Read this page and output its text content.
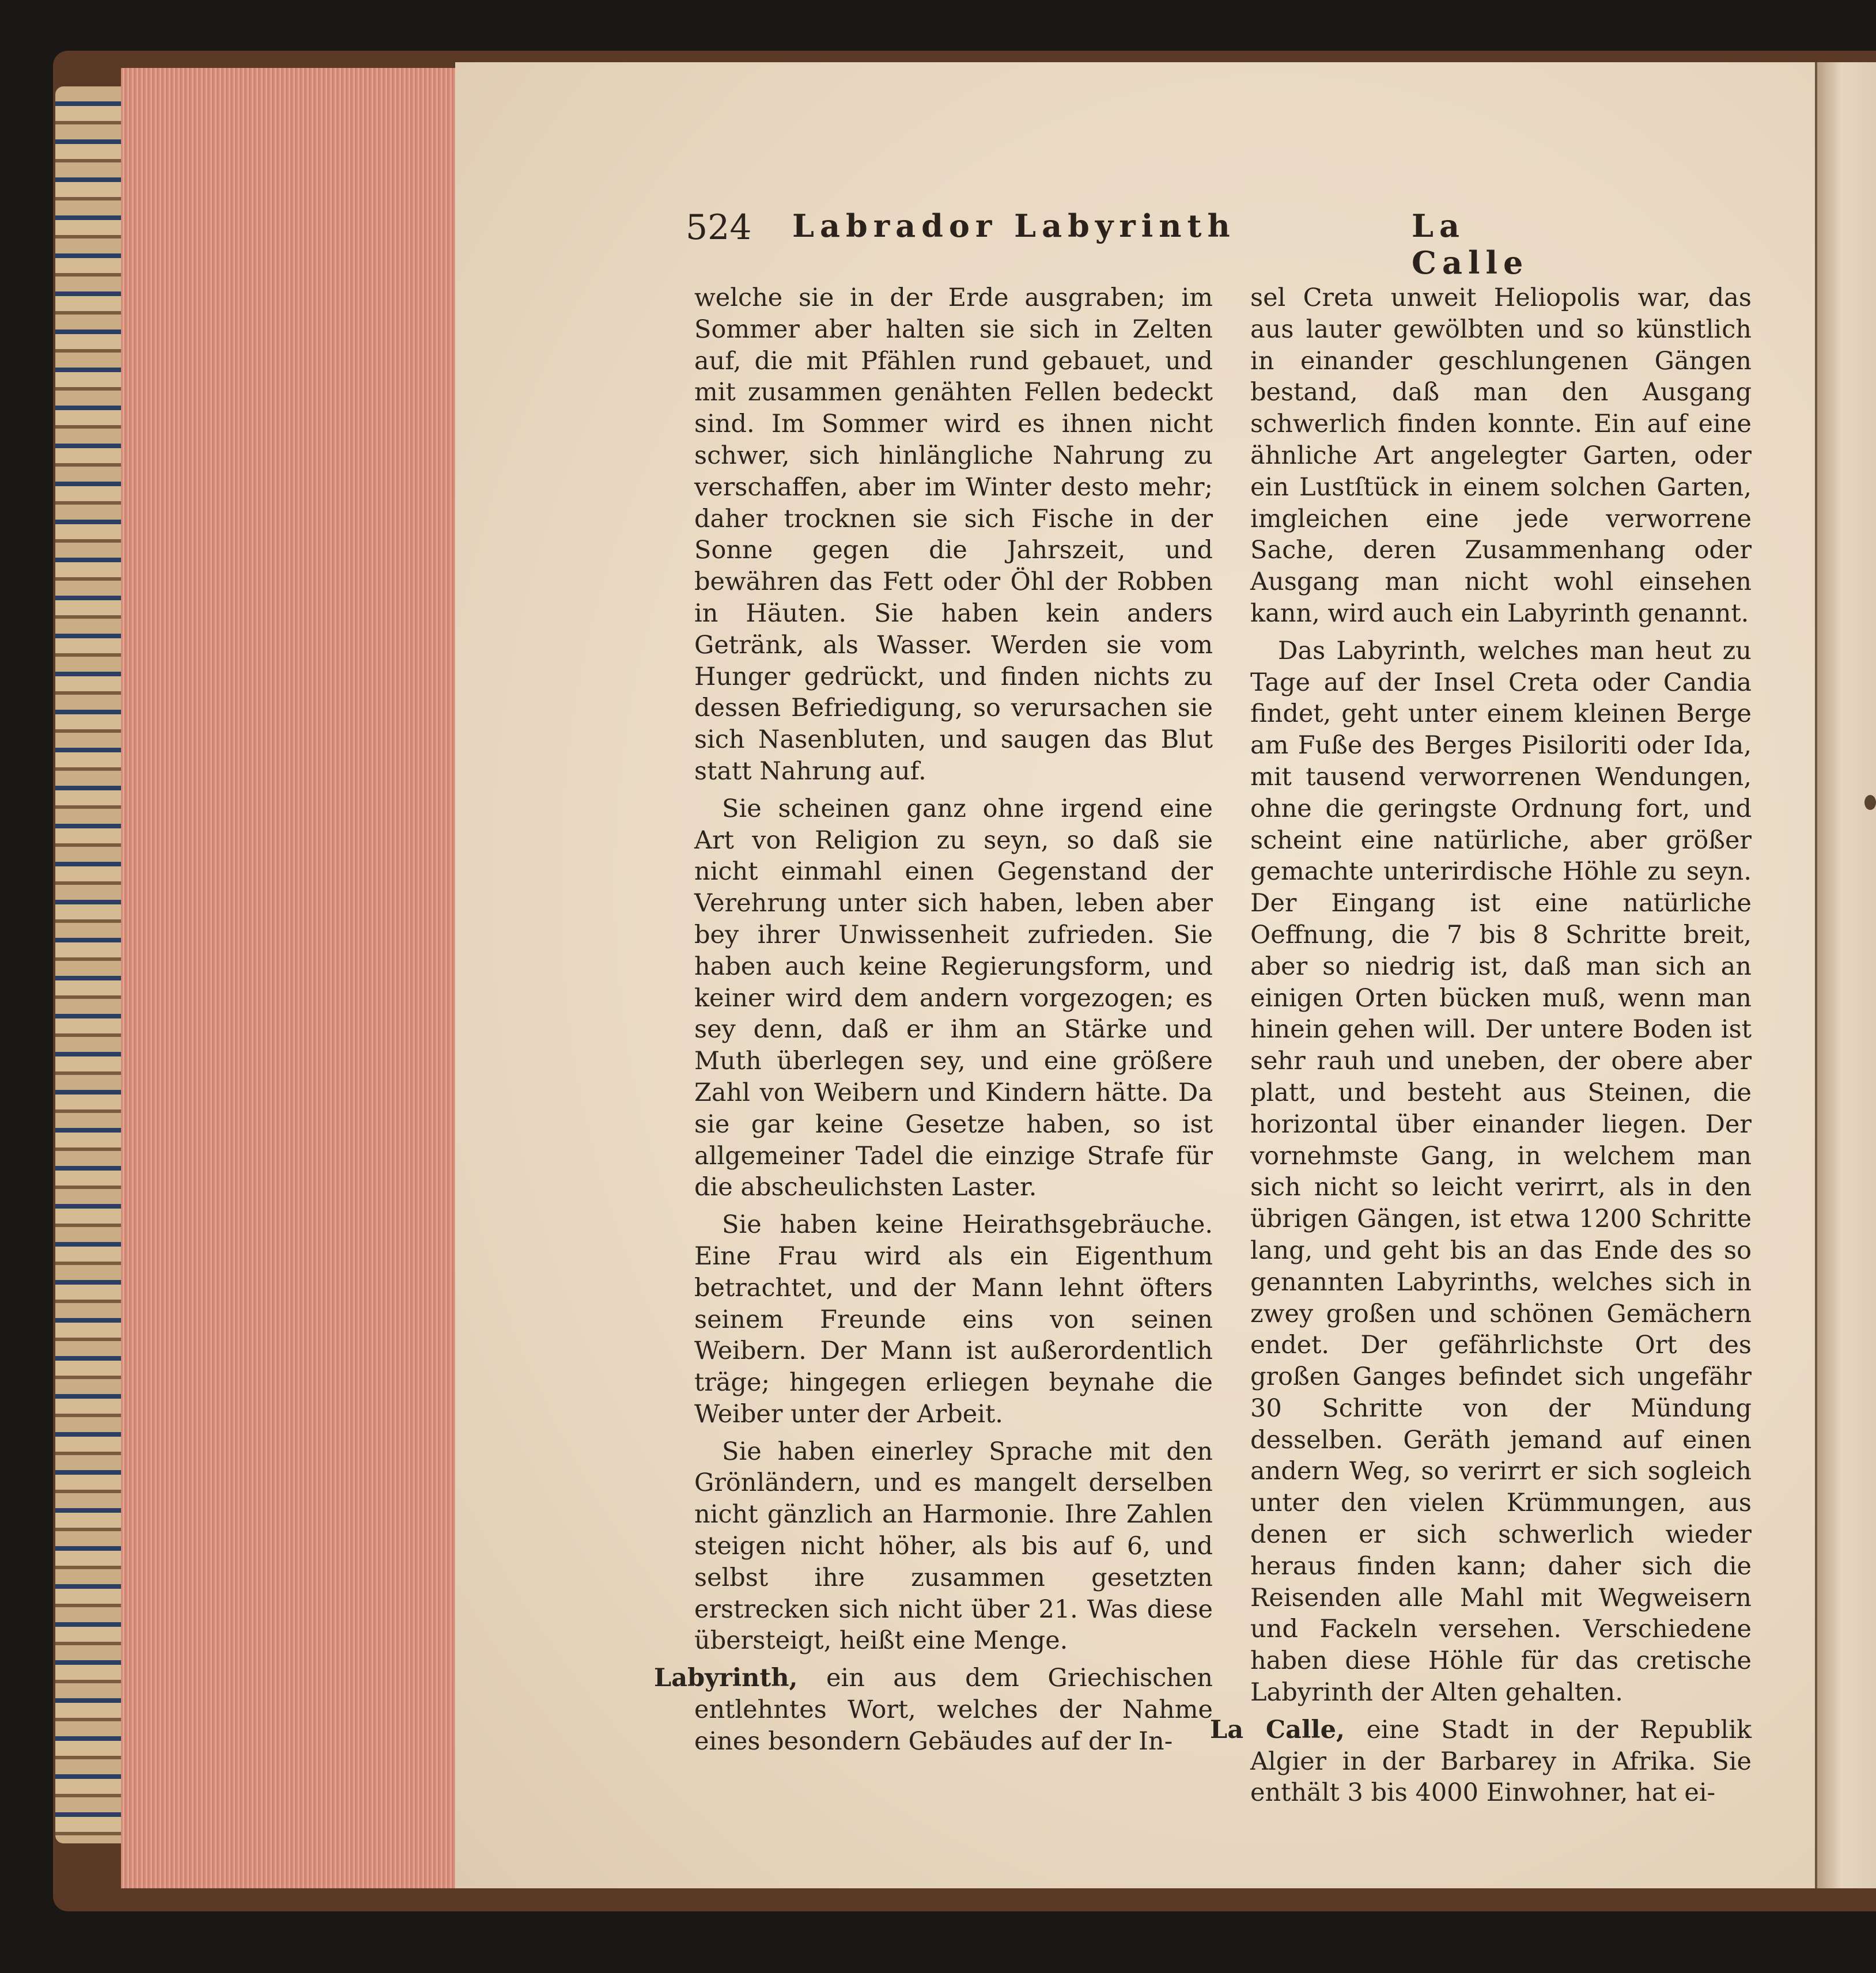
524 Labrador Labyrinth	La Calle

welche sie in der Erde ausgraben; im Sommer aber halten sie sich in Zelten auf, die mit Pfählen rund gebauet, und mit zusammen genähten Fellen bedeckt sind. Im Sommer wird es ihnen nicht schwer, sich hinlängliche Nahrung zu verschaffen, aber im Winter desto mehr; daher trocknen sie sich Fische in der Sonne gegen die Jahrszeit, und bewähren das Fett oder Öhl der Robben in Häuten. Sie haben kein anders Getränk, als Wasser. Werden sie vom Hunger gedrückt, und finden nichts zu dessen Befriedigung, so verursachen sie sich Nasenbluten, und saugen das Blut statt Nahrung auf.

Sie scheinen ganz ohne irgend eine Art von Religion zu seyn, so daß sie nicht einmahl einen Gegenstand der Verehrung unter sich haben, leben aber bey ihrer Unwissenheit zufrieden. Sie haben auch keine Regierungsform, und keiner wird dem andern vorgezogen; es sey denn, daß er ihm an Stärke und Muth überlegen sey, und eine größere Zahl von Weibern und Kindern hätte. Da sie gar keine Gesetze haben, so ist allgemeiner Tadel die einzige Strafe für die abscheulichsten Laster.

Sie haben keine Heirathsgebräuche. Eine Frau wird als ein Eigenthum betrachtet, und der Mann lehnt öfters seinem Freunde eins von seinen Weibern. Der Mann ist außerordentlich träge; hingegen erliegen beynahe die Weiber unter der Arbeit.

Sie haben einerley Sprache mit den Grönländern, und es mangelt derselben nicht gänzlich an Harmonie. Ihre Zahlen steigen nicht höher, als bis auf 6, und selbst ihre zusammen gesetzten erstrecken sich nicht über 21. Was diese übersteigt, heißt eine Menge.

Labyrinth, ein aus dem Griechischen entlehntes Wort, welches der Nahme eines besondern Gebäudes auf der In-

sel Creta unweit Heliopolis war, das aus lauter gewölbten und so künstlich in einander geschlungenen Gängen bestand, daß man den Ausgang schwerlich finden konnte. Ein auf eine ähnliche Art angelegter Garten, oder ein Lustſtück in einem solchen Garten, imgleichen eine jede verworrene Sache, deren Zusammenhang oder Ausgang man nicht wohl einsehen kann, wird auch ein Labyrinth genannt.

Das Labyrinth, welches man heut zu Tage auf der Insel Creta oder Candia findet, geht unter einem kleinen Berge am Fuße des Berges Pisiloriti oder Ida, mit tausend verworrenen Wendungen, ohne die geringste Ordnung fort, und scheint eine natürliche, aber größer gemachte unterirdische Höhle zu seyn. Der Eingang ist eine natürliche Oeffnung, die 7 bis 8 Schritte breit, aber so niedrig ist, daß man sich an einigen Orten bücken muß, wenn man hinein gehen will. Der untere Boden ist sehr rauh und uneben, der obere aber platt, und besteht aus Steinen, die horizontal über einander liegen. Der vornehmste Gang, in welchem man sich nicht so leicht verirrt, als in den übrigen Gängen, ist etwa 1200 Schritte lang, und geht bis an das Ende des so genannten Labyrinths, welches sich in zwey großen und schönen Gemächern endet. Der gefährlichste Ort des großen Ganges befindet sich ungefähr 30 Schritte von der Mündung desselben. Geräth jemand auf einen andern Weg, so verirrt er sich sogleich unter den vielen Krümmungen, aus denen er sich schwerlich wieder heraus finden kann; daher sich die Reisenden alle Mahl mit Wegweisern und Fackeln versehen. Verschiedene haben diese Höhle für das cretische Labyrinth der Alten gehalten.

La Calle, eine Stadt in der Republik Algier in der Barbarey in Afrika. Sie enthält 3 bis 4000 Einwohner, hat ei-
